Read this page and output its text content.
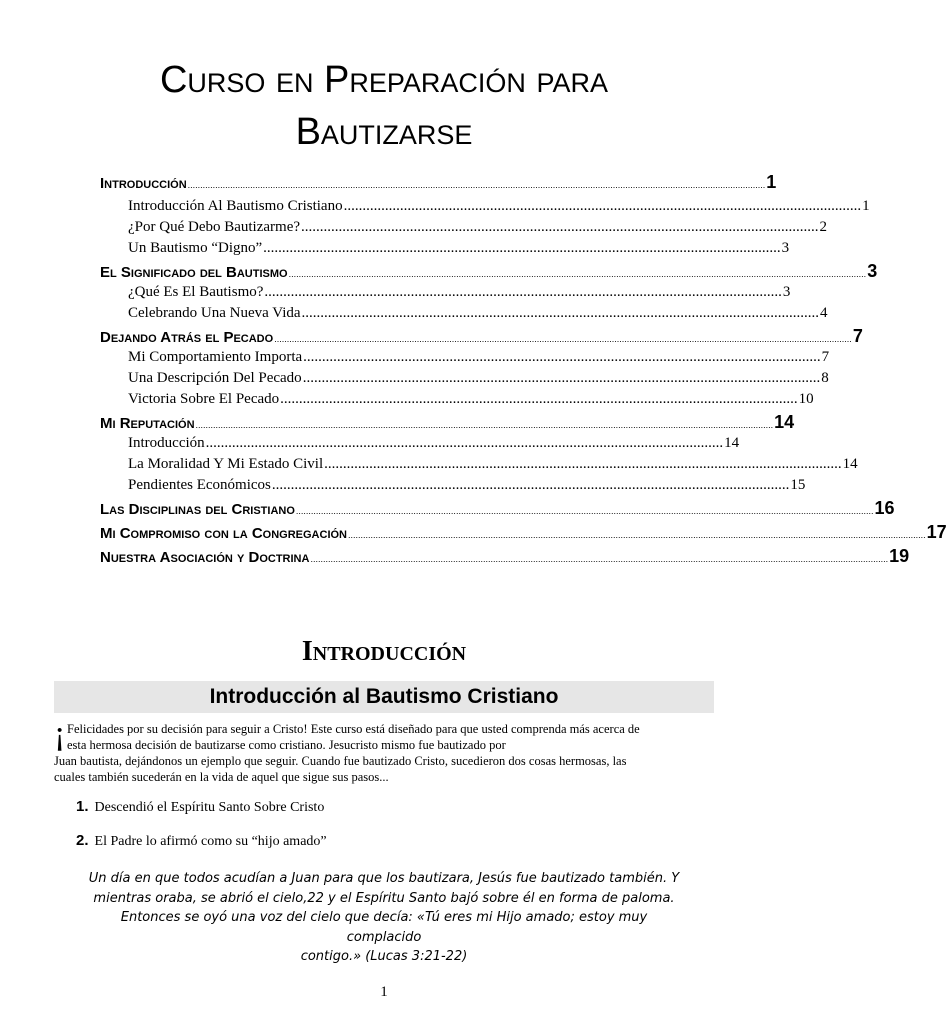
Curso en Preparación para
Bautizarse
Introducción ....................................................................................................................................................................................................................................... 1
Introducción Al Bautismo Cristiano .......................................................................................................................................... 1
¿Por Qué Debo Bautizarme? .......................................................................................................................................... 2
Un Bautismo “Digno” .......................................................................................................................................... 3
El Significado del Bautismo ....................................................................................................................................................................................................................................... 3
¿Qué Es El Bautismo? .......................................................................................................................................... 3
Celebrando Una Nueva Vida .......................................................................................................................................... 4
Dejando Atrás el Pecado ....................................................................................................................................................................................................................................... 7
Mi Comportamiento Importa .......................................................................................................................................... 7
Una Descripción Del Pecado .......................................................................................................................................... 8
Victoria Sobre El Pecado .......................................................................................................................................... 10
Mi Reputación ....................................................................................................................................................................................................................................... 14
Introducción .......................................................................................................................................... 14
La Moralidad Y Mi Estado Civil .......................................................................................................................................... 14
Pendientes Económicos .......................................................................................................................................... 15
Las Disciplinas del Cristiano ....................................................................................................................................................................................................................................... 16
Mi Compromiso con la Congregación ....................................................................................................................................................................................................................................... 17
Nuestra Asociación y Doctrina ....................................................................................................................................................................................................................................... 19
Introducción
Introducción al Bautismo Cristiano
¡ Felicidades por su decisión para seguir a Cristo! Este curso está diseñado para que usted comprenda más acerca de
esta hermosa decisión de bautizarse como cristiano. Jesucristo mismo fue bautizado por
Juan bautista, dejándonos un ejemplo que seguir. Cuando fue bautizado Cristo, sucedieron dos cosas hermosas, las
cuales también sucederán en la vida de aquel que sigue sus pasos...
1. Descendió el Espíritu Santo Sobre Cristo
2. El Padre lo afirmó como su “hijo amado”
Un día en que todos acudían a Juan para que los bautizara, Jesús fue bautizado también. Y
mientras oraba, se abrió el cielo,22 y el Espíritu Santo bajó sobre él en forma de paloma.
Entonces se oyó una voz del cielo que decía: «Tú eres mi Hijo amado; estoy muy complacido
contigo.» (Lucas 3:21-22)
1
